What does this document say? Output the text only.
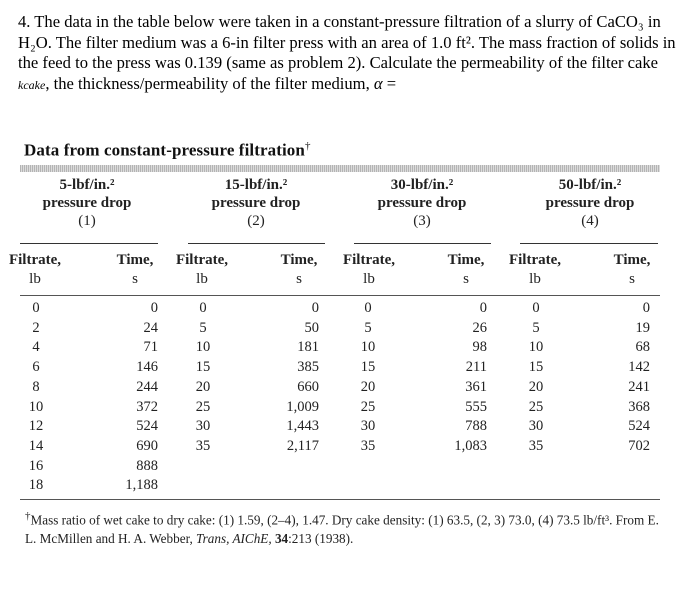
4. The data in the table below were taken in a constant-pressure filtration of a slurry of CaCO₃ in H₂O. The filter medium was a 6-in filter press with an area of 1.0 ft². The mass fraction of solids in the feed to the press was 0.139 (same as problem 2). Calculate the permeability of the filter cake kcake, the thickness/permeability of the filter medium, α =
Data from constant-pressure filtration†
5-lbf/in.²
pressure drop
(1)
Filtrate,
lb
Time,
s
0
2
4
6
8
10
12
14
16
18
0
24
71
146
244
372
524
690
888
1,188
15-lbf/in.²
pressure drop
(2)
Filtrate,
lb
Time,
s
0
5
10
15
20
25
30
35
0
50
181
385
660
1,009
1,443
2,117
30-lbf/in.²
pressure drop
(3)
Filtrate,
lb
Time,
s
0
5
10
15
20
25
30
35
0
26
98
211
361
555
788
1,083
50-lbf/in.²
pressure drop
(4)
Filtrate,
lb
Time,
s
0
5
10
15
20
25
30
35
0
19
68
142
241
368
524
702
†Mass ratio of wet cake to dry cake: (1) 1.59, (2–4), 1.47. Dry cake density: (1) 63.5, (2, 3) 73.0, (4) 73.5 lb/ft³. From E. L. McMillen and H. A. Webber, Trans, AIChE, 34:213 (1938).
